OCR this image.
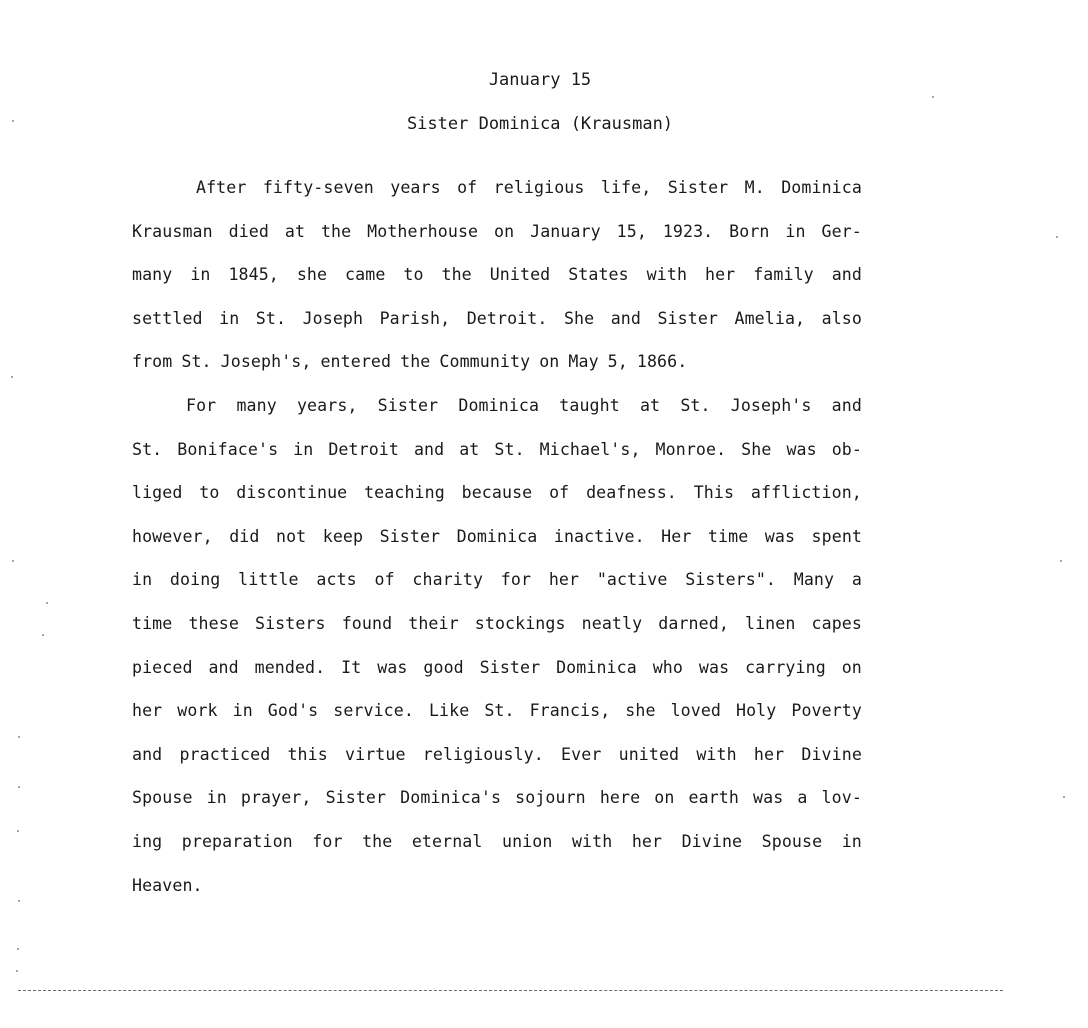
January 15
Sister Dominica (Krausman)
After fifty-seven years of religious life, Sister M. Dominica
Krausman died at the Motherhouse on January 15, 1923. Born in Ger-
many in 1845, she came to the United States with her family and
settled in St. Joseph Parish, Detroit. She and Sister Amelia, also
from St. Joseph's, entered the Community on May 5, 1866.
For many years, Sister Dominica taught at St. Joseph's and
St. Boniface's in Detroit and at St. Michael's, Monroe. She was ob-
liged to discontinue teaching because of deafness. This affliction,
however, did not keep Sister Dominica inactive. Her time was spent
in doing little acts of charity for her "active Sisters". Many a
time these Sisters found their stockings neatly darned, linen capes
pieced and mended. It was good Sister Dominica who was carrying on
her work in God's service. Like St. Francis, she loved Holy Poverty
and practiced this virtue religiously. Ever united with her Divine
Spouse in prayer, Sister Dominica's sojourn here on earth was a lov-
ing preparation for the eternal union with her Divine Spouse in
Heaven.
